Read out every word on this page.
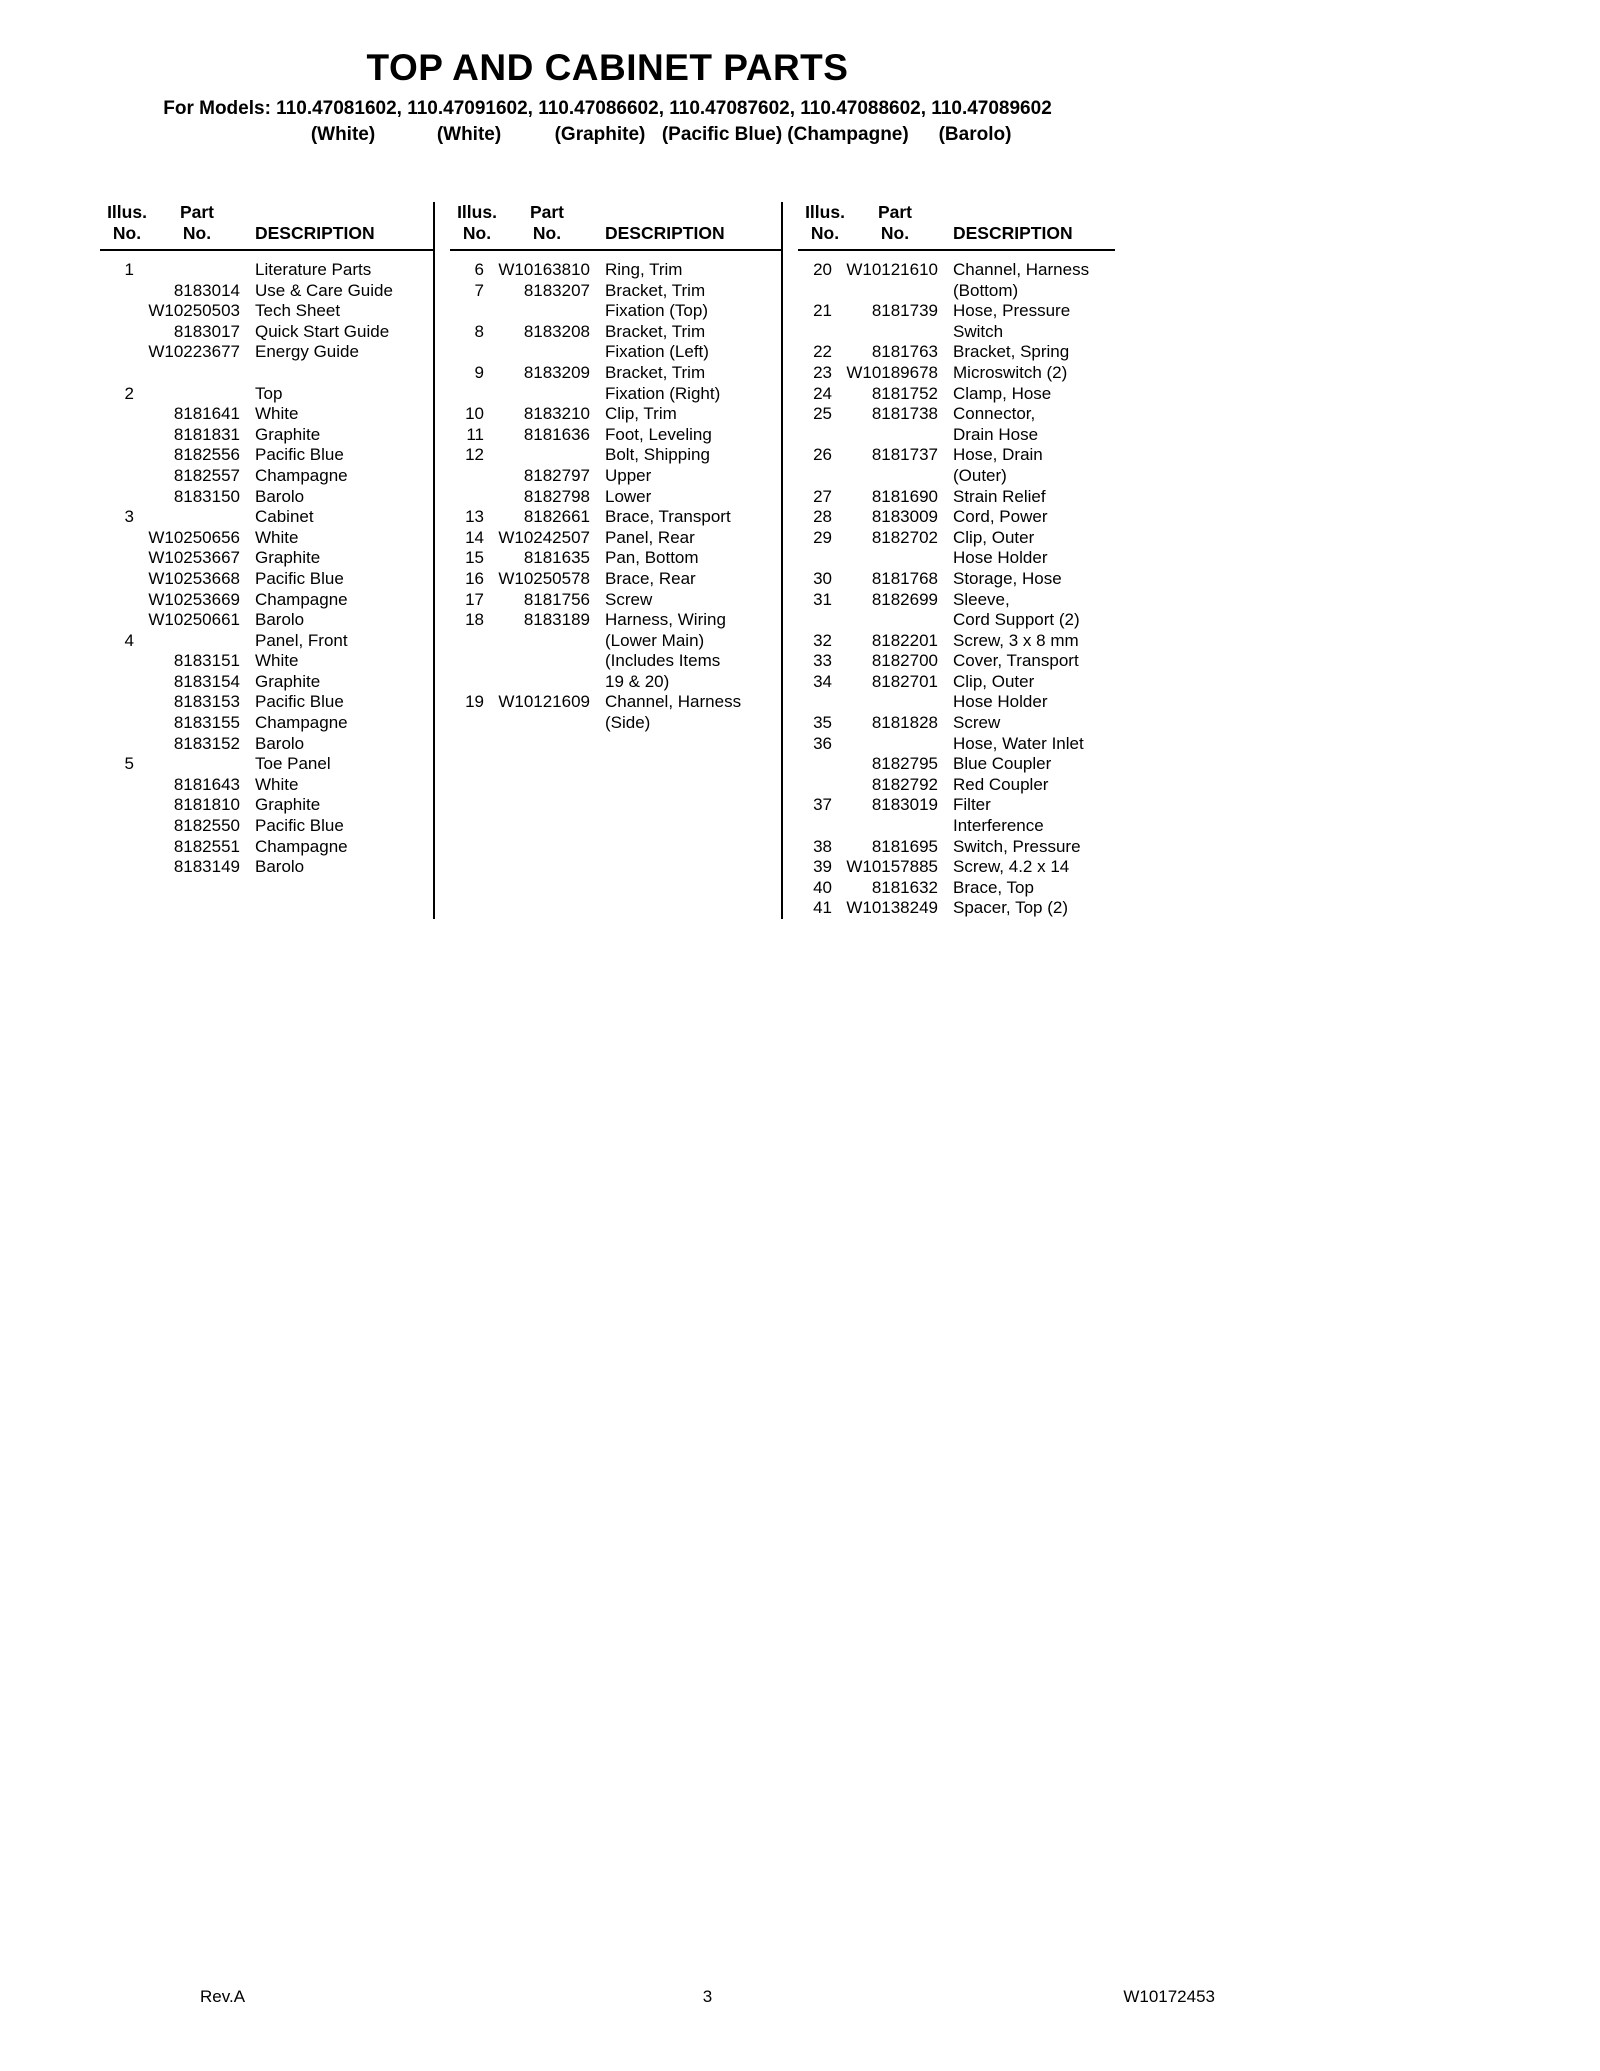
TOP AND CABINET PARTS
For Models: 110.47081602, 110.47091602, 110.47086602, 110.47087602, 110.47088602, 110.47089602
(White)	(White)	(Graphite) (Pacific Blue) (Champagne) (Barolo)
Illus.
No.
Part
No.	DESCRIPTION
1	Literature Parts
8183014 Use & Care Guide
W10250503 Tech Sheet
8183017 Quick Start Guide
W10223677 Energy Guide
2	Top
8181641 White
8181831 Graphite
8182556 Pacific Blue
8182557 Champagne
8183150 Barolo
3	Cabinet
W10250656 White
W10253667 Graphite
W10253668 Pacific Blue
W10253669 Champagne
W10250661 Barolo
4	Panel, Front
8183151 White
8183154 Graphite
8183153 Pacific Blue
8183155 Champagne
8183152 Barolo
5	Toe Panel
8181643 White
8181810 Graphite
8182550 Pacific Blue
8182551 Champagne
8183149 Barolo
Illus.
No.
Part
No.	DESCRIPTION
6 W10163810 Ring, Trim
7	8183207 Bracket, Trim
Fixation (Top)
8	8183208 Bracket, Trim
Fixation (Left)
9	8183209 Bracket, Trim
Fixation (Right)
10	8183210 Clip, Trim
11	8181636 Foot, Leveling
12	Bolt, Shipping
8182797 Upper
8182798 Lower
13	8182661 Brace, Transport
14 W10242507 Panel, Rear
15	8181635 Pan, Bottom
16 W10250578 Brace, Rear
17	8181756 Screw
18	8183189 Harness, Wiring
(Lower Main)
(Includes Items
19 & 20)
19 W10121609 Channel, Harness
(Side)
Illus.
No.
Part
No.	DESCRIPTION
20 W10121610 Channel, Harness
(Bottom)
21	8181739 Hose, Pressure
Switch
22	8181763 Bracket, Spring
23 W10189678 Microswitch (2)
24	8181752 Clamp, Hose
25	8181738 Connector,
Drain Hose
26	8181737 Hose, Drain
(Outer)
27	8181690 Strain Relief
28	8183009 Cord, Power
29	8182702 Clip, Outer
Hose Holder
30	8181768 Storage, Hose
31	8182699 Sleeve,
Cord Support (2)
32	8182201 Screw, 3 x 8 mm
33	8182700 Cover, Transport
34	8182701 Clip, Outer
Hose Holder
35	8181828 Screw
36	Hose, Water Inlet
8182795 Blue Coupler
8182792 Red Coupler
37	8183019 Filter
Interference
38	8181695 Switch, Pressure
39 W10157885 Screw, 4.2 x 14
40	8181632 Brace, Top
41 W10138249 Spacer, Top (2)
Rev.A	3	W10172453
